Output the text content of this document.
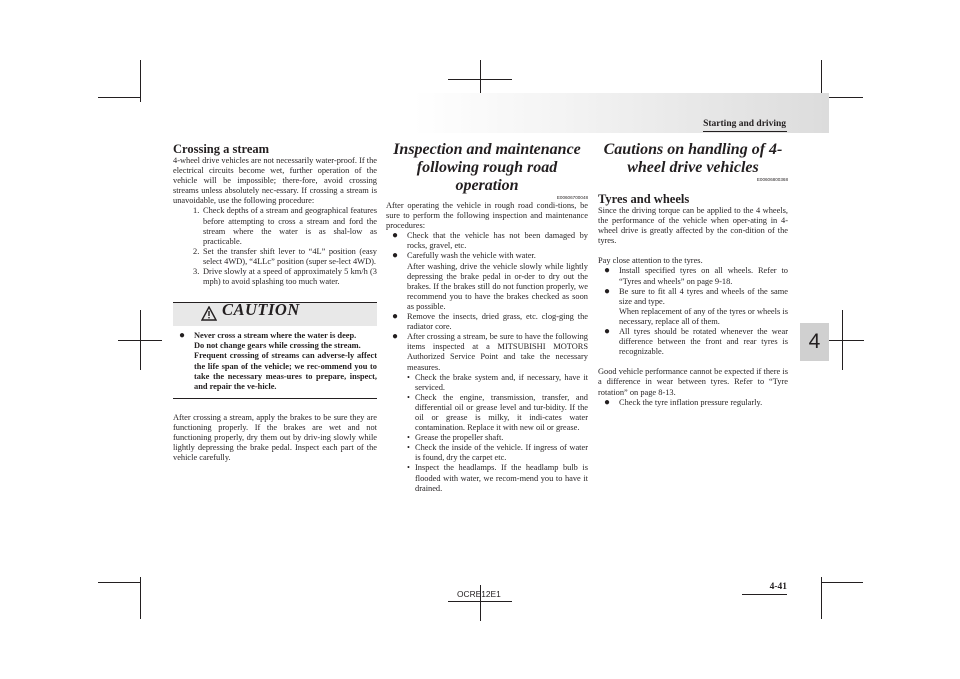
Starting and driving
4
Crossing a stream

4-wheel drive vehicles are not necessarily water-proof. If the electrical circuits become wet, further operation of the vehicle will be impossible; there-fore, avoid crossing streams unless absolutely nec-essary. If crossing a stream is unavoidable, use the following procedure:

1. Check depths of a stream and geographical features before attempting to cross a stream and ford the stream where the water is as shal-low as practicable.
2. Set the transfer shift lever to “4L” position (easy select 4WD), “4LLc” position (super se-lect 4WD).
3. Drive slowly at a speed of approximately 5 km/h (3 mph) to avoid splashing too much water.
CAUTION
● Never cross a stream where the water is deep.

Do not change gears while crossing the stream.

Frequent crossing of streams can adverse-ly affect the life span of the vehicle; we rec-ommend you to take the necessary meas-ures to prepare, inspect, and repair the ve-hicle.

After crossing a stream, apply the brakes to be sure they are functioning properly. If the brakes are wet and not functioning properly, dry them out by driv-ing slowly while lightly depressing the brake pedal. Inspect each part of the vehicle carefully.

Inspection and maintenance following rough road operation
E00606700048

After operating the vehicle in rough road condi-tions, be sure to perform the following inspection and maintenance procedures:

● Check that the vehicle has not been damaged by rocks, gravel, etc.
● Carefully wash the vehicle with water.
After washing, drive the vehicle slowly while lightly depressing the brake pedal in or-der to dry out the brakes. If the brakes still do not function properly, we recommend you to have the brakes checked as soon as possible.
● Remove the insects, dried grass, etc. clog-ging the radiator core.
● After crossing a stream, be sure to have the following items inspected at a MITSUBISHI MOTORS Authorized Service Point and take the necessary measures.
• Check the brake system and, if necessary, have it serviced.
• Check the engine, transmission, transfer, and differential oil or grease level and tur-bidity. If the oil or grease is milky, it indi-cates water contamination. Replace it with new oil or grease.
• Grease the propeller shaft.
• Check the inside of the vehicle. If ingress of water is found, dry the carpet etc.
• Inspect the headlamps. If the headlamp bulb is flooded with water, we recom-mend you to have it drained.
Cautions on handling of 4-wheel drive vehicles
E00606800368
Tyres and wheels

Since the driving torque can be applied to the 4 wheels, the performance of the vehicle when oper-ating in 4-wheel drive is greatly affected by the con-dition of the tyres.

Pay close attention to the tyres.

● Install specified tyres on all wheels. Refer to “Tyres and wheels” on page 9-18.
● Be sure to fit all 4 tyres and wheels of the same size and type.
When replacement of any of the tyres or wheels is necessary, replace all of them.
● All tyres should be rotated whenever the wear difference between the front and rear tyres is recognizable.

Good vehicle performance cannot be expected if there is a difference in wear between tyres. Refer to “Tyre rotation” on page 8-13.

● Check the tyre inflation pressure regularly.
OCRE12E1
4-41
